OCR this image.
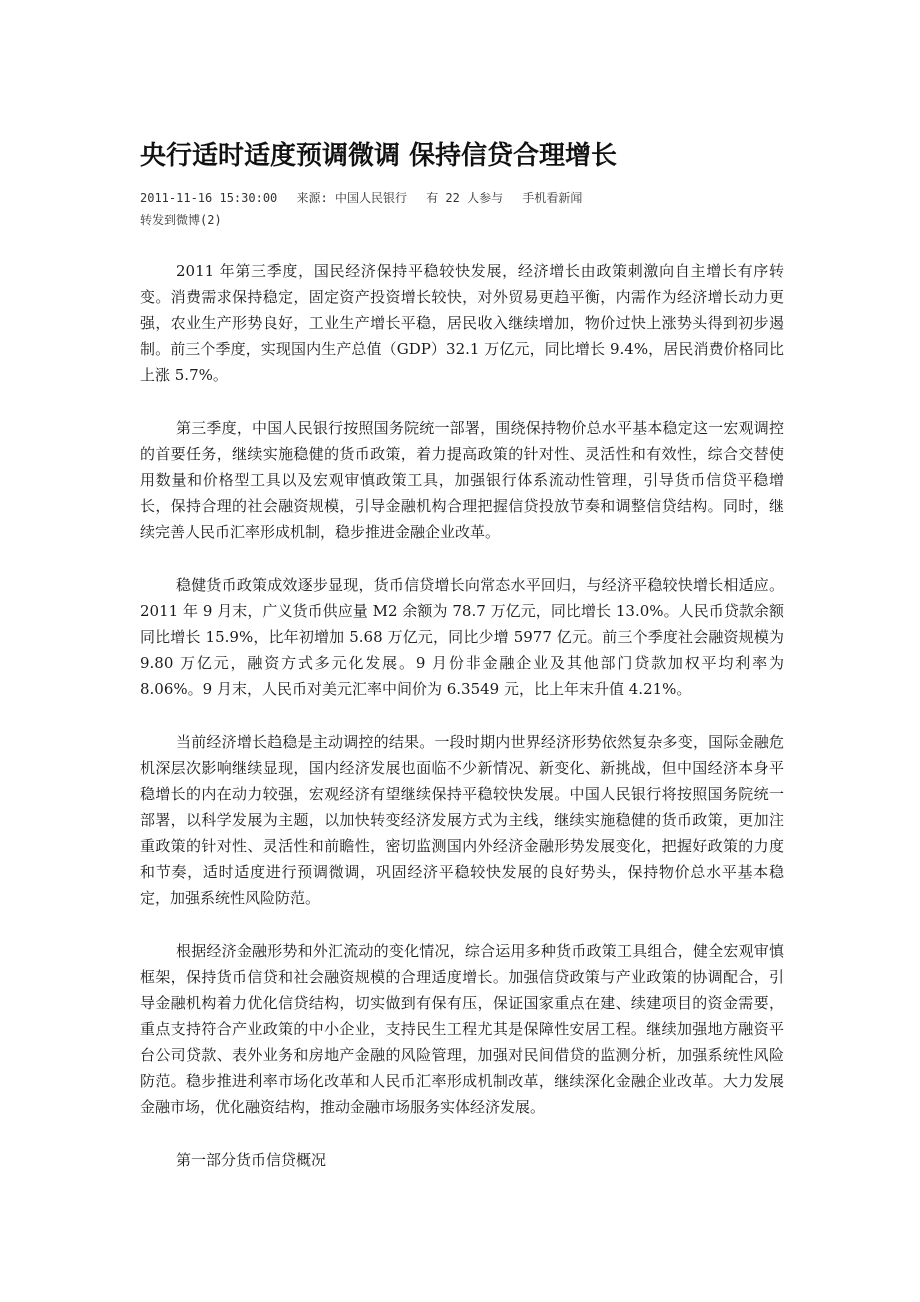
央行适时适度预调微调 保持信贷合理增长
2011-11-16 15:30:00 来源: 中国人民银行 有 22 人参与 手机看新闻
转发到微博(2)

2011 年第三季度，国民经济保持平稳较快发展，经济增长由政策刺激向自主增长有序转变。消费需求保持稳定，固定资产投资增长较快，对外贸易更趋平衡，内需作为经济增长动力更强，农业生产形势良好，工业生产增长平稳，居民收入继续增加，物价过快上涨势头得到初步遏制。前三个季度，实现国内生产总值（GDP）32.1 万亿元，同比增长 9.4%，居民消费价格同比上涨 5.7%。

第三季度，中国人民银行按照国务院统一部署，围绕保持物价总水平基本稳定这一宏观调控的首要任务，继续实施稳健的货币政策，着力提高政策的针对性、灵活性和有效性，综合交替使用数量和价格型工具以及宏观审慎政策工具，加强银行体系流动性管理，引导货币信贷平稳增长，保持合理的社会融资规模，引导金融机构合理把握信贷投放节奏和调整信贷结构。同时，继续完善人民币汇率形成机制，稳步推进金融企业改革。

稳健货币政策成效逐步显现，货币信贷增长向常态水平回归，与经济平稳较快增长相适应。2011 年 9 月末，广义货币供应量 M2 余额为 78.7 万亿元，同比增长 13.0%。人民币贷款余额同比增长 15.9%，比年初增加 5.68 万亿元，同比少增 5977 亿元。前三个季度社会融资规模为 9.80 万亿元，融资方式多元化发展。9 月份非金融企业及其他部门贷款加权平均利率为 8.06%。9 月末，人民币对美元汇率中间价为 6.3549 元，比上年末升值 4.21%。

当前经济增长趋稳是主动调控的结果。一段时期内世界经济形势依然复杂多变，国际金融危机深层次影响继续显现，国内经济发展也面临不少新情况、新变化、新挑战，但中国经济本身平稳增长的内在动力较强，宏观经济有望继续保持平稳较快发展。中国人民银行将按照国务院统一部署，以科学发展为主题，以加快转变经济发展方式为主线，继续实施稳健的货币政策，更加注重政策的针对性、灵活性和前瞻性，密切监测国内外经济金融形势发展变化，把握好政策的力度和节奏，适时适度进行预调微调，巩固经济平稳较快发展的良好势头，保持物价总水平基本稳定，加强系统性风险防范。

根据经济金融形势和外汇流动的变化情况，综合运用多种货币政策工具组合，健全宏观审慎框架，保持货币信贷和社会融资规模的合理适度增长。加强信贷政策与产业政策的协调配合，引导金融机构着力优化信贷结构，切实做到有保有压，保证国家重点在建、续建项目的资金需要，重点支持符合产业政策的中小企业，支持民生工程尤其是保障性安居工程。继续加强地方融资平台公司贷款、表外业务和房地产金融的风险管理，加强对民间借贷的监测分析，加强系统性风险防范。稳步推进利率市场化改革和人民币汇率形成机制改革，继续深化金融企业改革。大力发展金融市场，优化融资结构，推动金融市场服务实体经济发展。

第一部分货币信贷概况
